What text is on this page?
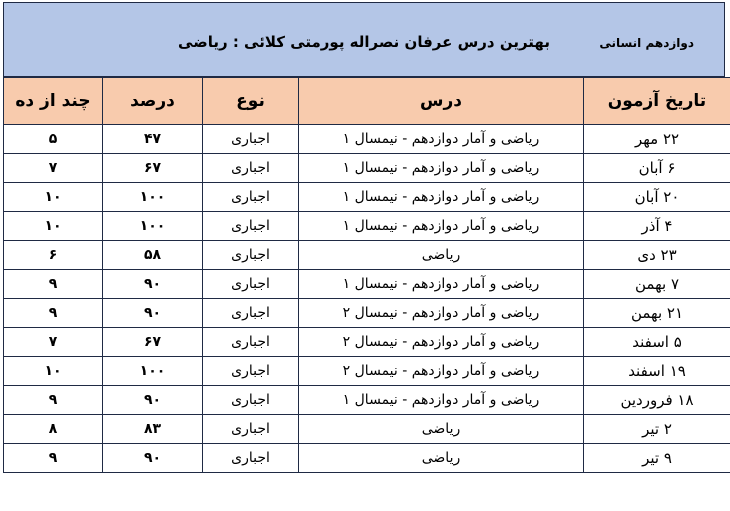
دوازدهم انسانی
بهترین درس عرفان نصراله پورمتی کلائی : ریاضی
تاریخ آزمون	درس	نوع	درصد	چند از ده
۲۲ مهر	ریاضی و آمار دوازدهم - نیمسال ۱	اجباری	۴۷	۵
۶ آبان	ریاضی و آمار دوازدهم - نیمسال ۱	اجباری	۶۷	۷
۲۰ آبان	ریاضی و آمار دوازدهم - نیمسال ۱	اجباری	۱۰۰	۱۰
۴ آذر	ریاضی و آمار دوازدهم - نیمسال ۱	اجباری	۱۰۰	۱۰
۲۳ دی	ریاضی	اجباری	۵۸	۶
۷ بهمن	ریاضی و آمار دوازدهم - نیمسال ۱	اجباری	۹۰	۹
۲۱ بهمن	ریاضی و آمار دوازدهم - نیمسال ۲	اجباری	۹۰	۹
۵ اسفند	ریاضی و آمار دوازدهم - نیمسال ۲	اجباری	۶۷	۷
۱۹ اسفند	ریاضی و آمار دوازدهم - نیمسال ۲	اجباری	۱۰۰	۱۰
۱۸ فروردین	ریاضی و آمار دوازدهم - نیمسال ۱	اجباری	۹۰	۹
۲ تیر	ریاضی	اجباری	۸۳	۸
۹ تیر	ریاضی	اجباری	۹۰	۹
